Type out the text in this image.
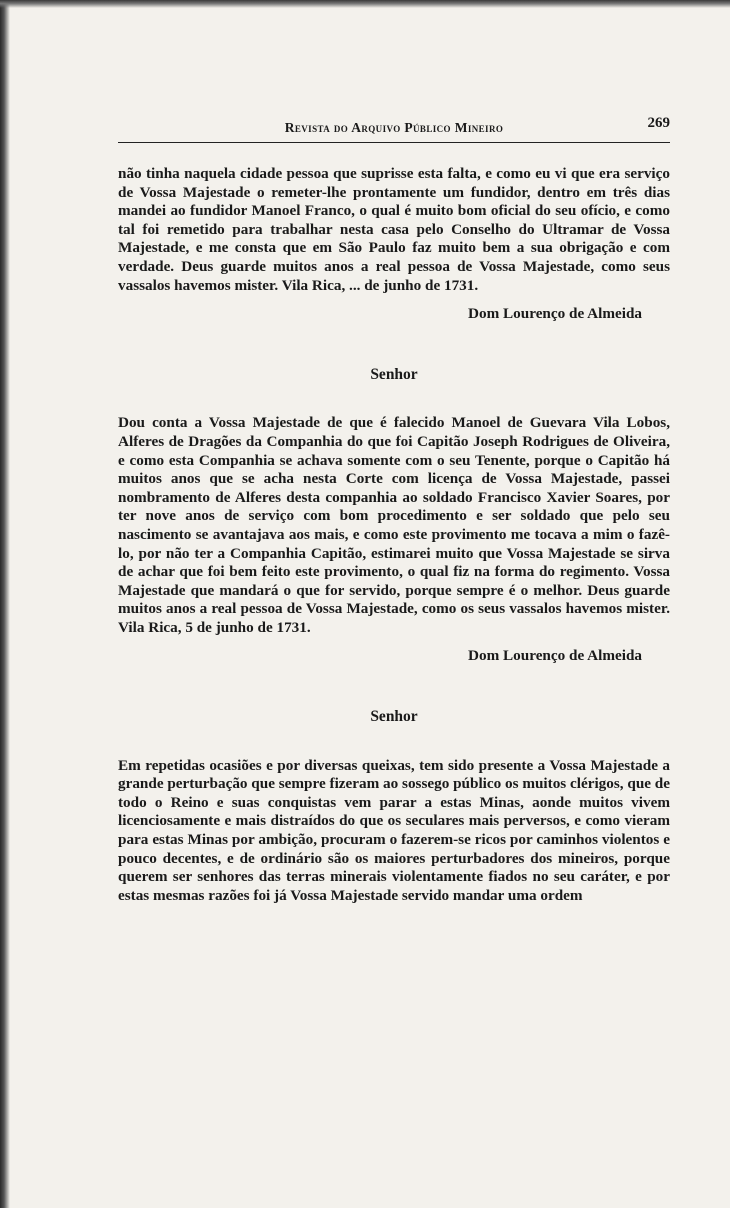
Revista do Arquivo Público Mineiro	269

não tinha naquela cidade pessoa que suprisse esta falta, e como eu vi que era serviço de Vossa Majestade o remeter-lhe prontamente um fundidor, dentro em três dias mandei ao fundidor Manoel Franco, o qual é muito bom oficial do seu ofício, e como tal foi remetido para trabalhar nesta casa pelo Conselho do Ultramar de Vossa Majestade, e me consta que em São Paulo faz muito bem a sua obrigação e com verdade. Deus guarde muitos anos a real pessoa de Vossa Majestade, como seus vassalos havemos mister. Vila Rica, ... de junho de 1731.

Dom Lourenço de Almeida
Senhor

Dou conta a Vossa Majestade de que é falecido Manoel de Guevara Vila Lobos, Alferes de Dragões da Companhia do que foi Capitão Joseph Rodrigues de Oliveira, e como esta Companhia se achava somente com o seu Tenente, porque o Capitão há muitos anos que se acha nesta Corte com licença de Vossa Majestade, passei nombramento de Alferes desta companhia ao soldado Francisco Xavier Soares, por ter nove anos de serviço com bom procedimento e ser soldado que pelo seu nascimento se avantajava aos mais, e como este provimento me tocava a mim o fazê-lo, por não ter a Companhia Capitão, estimarei muito que Vossa Majestade se sirva de achar que foi bem feito este provimento, o qual fiz na forma do regimento. Vossa Majestade que mandará o que for servido, porque sempre é o melhor. Deus guarde muitos anos a real pessoa de Vossa Majestade, como os seus vassalos havemos mister. Vila Rica, 5 de junho de 1731.

Dom Lourenço de Almeida
Senhor

Em repetidas ocasiões e por diversas queixas, tem sido presente a Vossa Majestade a grande perturbação que sempre fizeram ao sossego público os muitos clérigos, que de todo o Reino e suas conquistas vem parar a estas Minas, aonde muitos vivem licenciosamente e mais distraídos do que os seculares mais perversos, e como vieram para estas Minas por ambição, procuram o fazerem-se ricos por caminhos violentos e pouco decentes, e de ordinário são os maiores perturbadores dos mineiros, porque querem ser senhores das terras minerais violentamente fiados no seu caráter, e por estas mesmas razões foi já Vossa Majestade servido mandar uma ordem
